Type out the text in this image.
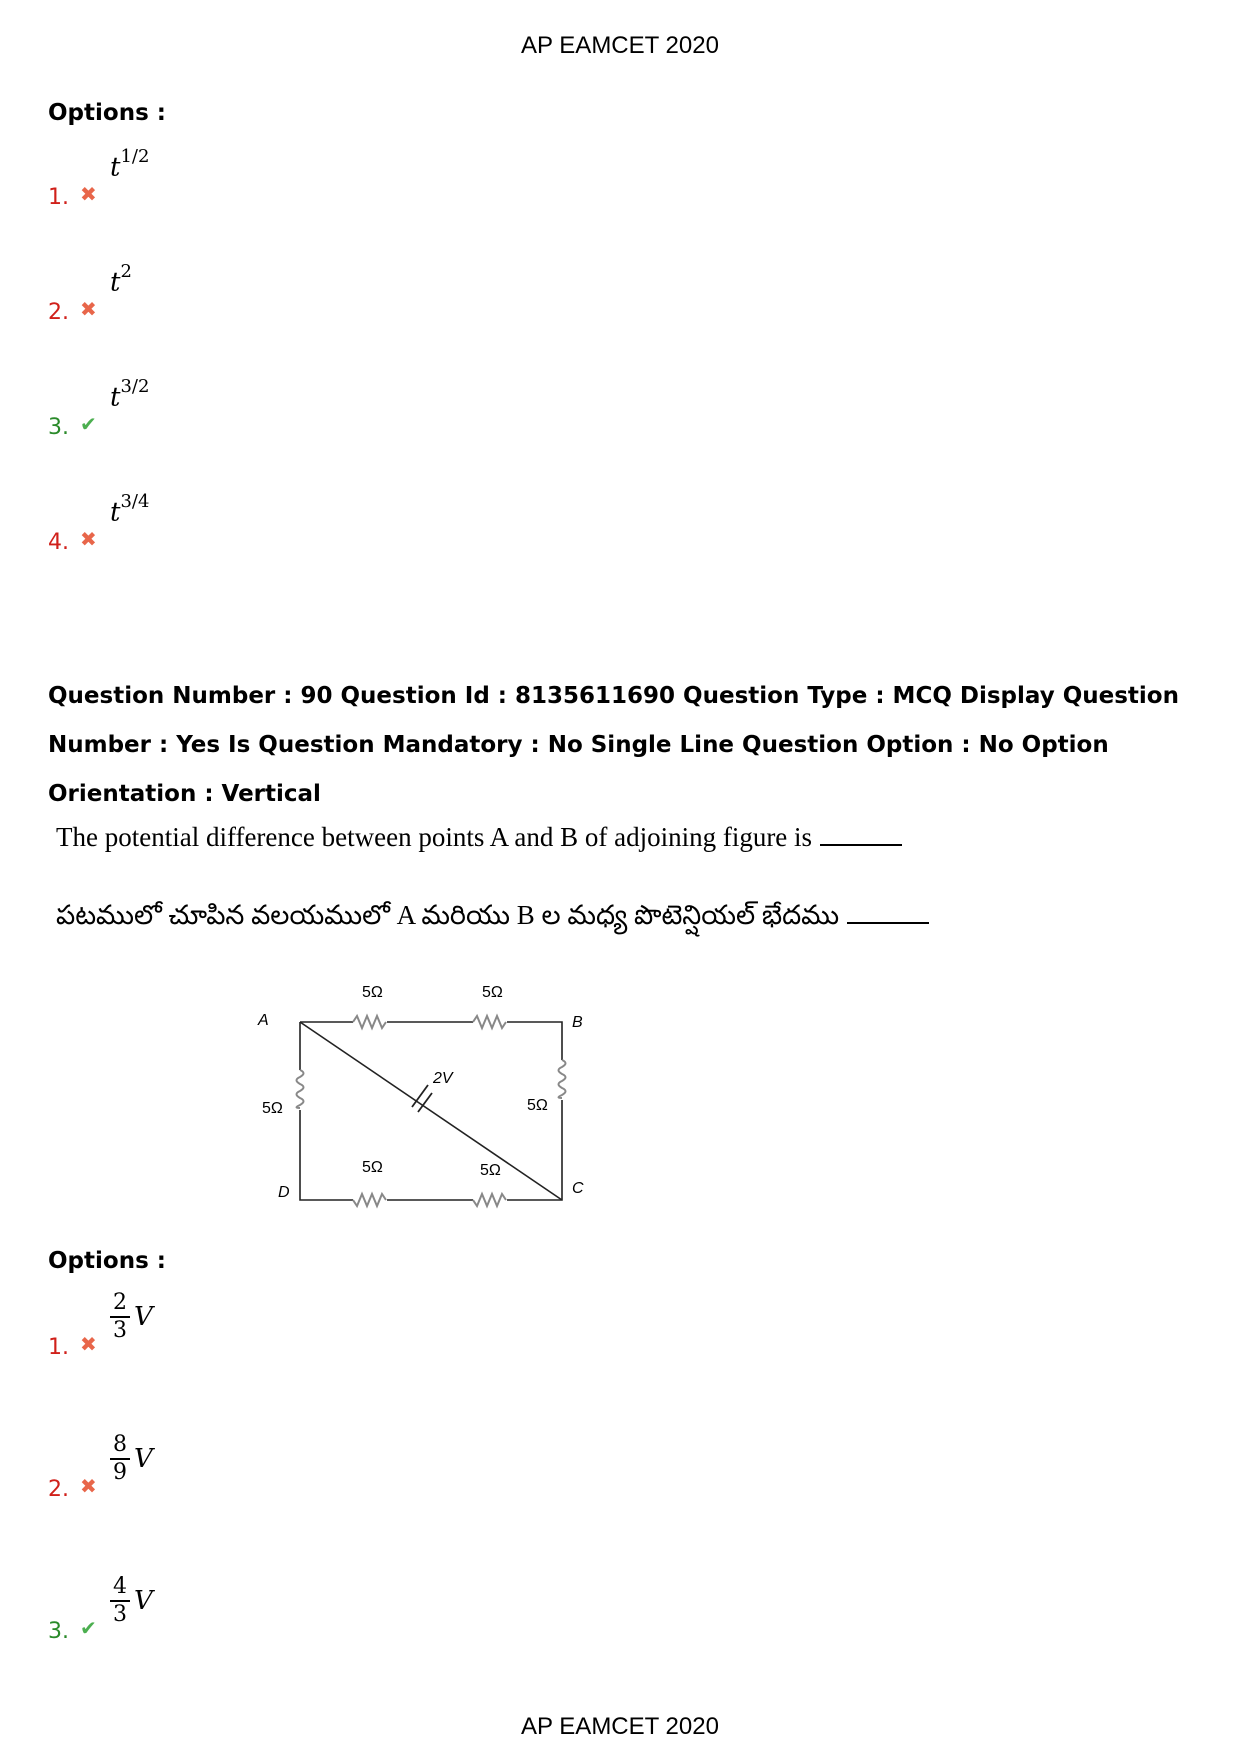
AP EAMCET 2020
Options :
1. ✖
$t^{1/2}$
2. ✖
$t^2$
3. ✔
$t^{3/2}$
4. ✖
$t^{3/4}$
Question Number : 90 Question Id : 8135611690 Question Type : MCQ Display Question Number : Yes Is Question Mandatory : No Single Line Question Option : No Option Orientation : Vertical
The potential difference between points A and B of adjoining figure is
పటములో చూపిన వలయములో A మరియు B ల మధ్య పొటెన్షియల్ భేదము
A	B
C
D
5Ω	5Ω
5Ω	5Ω
5Ω	5Ω
2V
Options :
1. ✖ $\frac{2}{3}$ V
2. ✖ $\frac{8}{9}$ V
3. ✔ $\frac{4}{3}$ V
AP EAMCET 2020
